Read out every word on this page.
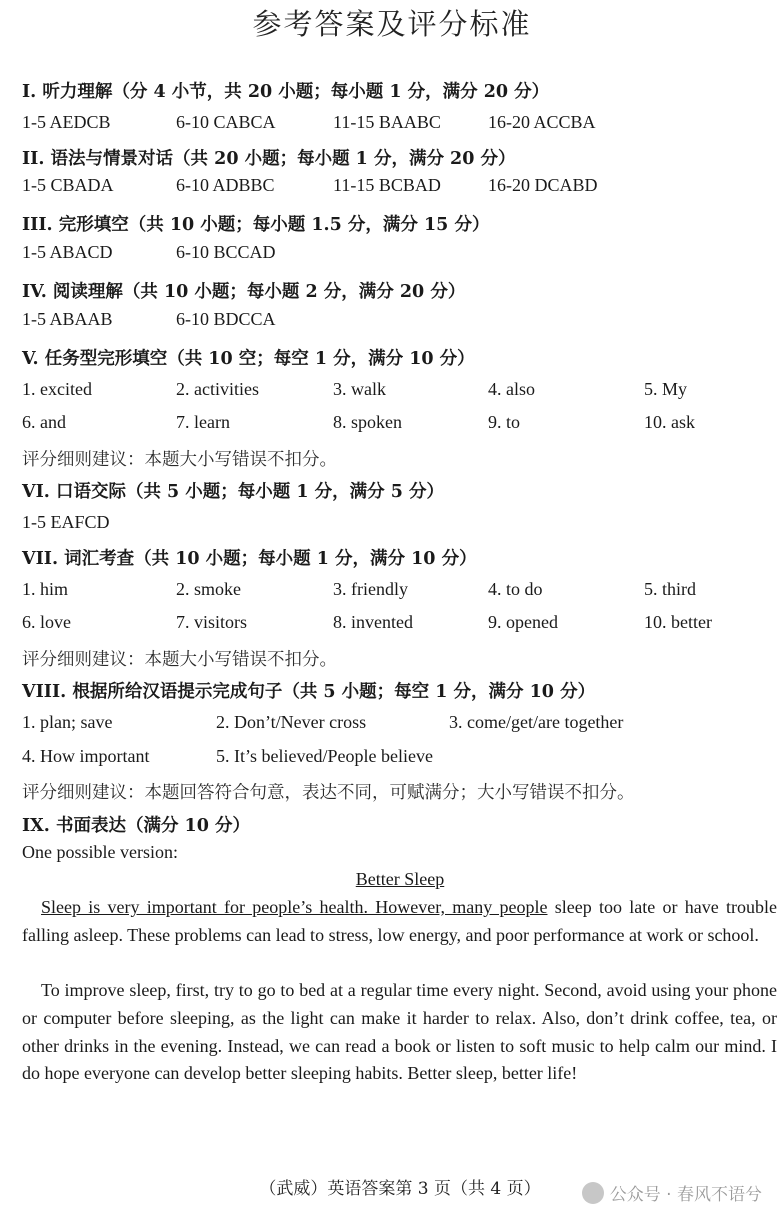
参考答案及评分标准
I. 听力理解（分 4 小节，共 20 小题；每小题 1 分，满分 20 分）
1-5 AEDCB	6-10 CABCA	11-15 BAABC	16-20 ACCBA
II. 语法与情景对话（共 20 小题；每小题 1 分，满分 20 分）
1-5 CBADA	6-10 ADBBC	11-15 BCBAD	16-20 DCABD
III. 完形填空（共 10 小题；每小题 1.5 分，满分 15 分）
1-5 ABACD	6-10 BCCAD
IV. 阅读理解（共 10 小题；每小题 2 分，满分 20 分）
1-5 ABAAB	6-10 BDCCA
V. 任务型完形填空（共 10 空；每空 1 分，满分 10 分）
1. excited	2. activities	3. walk	4. also	5. My
6. and	7. learn	8. spoken	9. to	10. ask
评分细则建议：本题大小写错误不扣分。
VI. 口语交际（共 5 小题；每小题 1 分，满分 5 分）
1-5 EAFCD
VII. 词汇考查（共 10 小题；每小题 1 分，满分 10 分）
1. him	2. smoke	3. friendly	4. to do	5. third
6. love	7. visitors	8. invented	9. opened	10. better
评分细则建议：本题大小写错误不扣分。
VIII. 根据所给汉语提示完成句子（共 5 小题；每空 1 分，满分 10 分）
1. plan; save	2. Don’t/Never cross	3. come/get/are together
4. How important	5. It’s believed/People believe
评分细则建议：本题回答符合句意，表达不同，可赋满分；大小写错误不扣分。
IX. 书面表达（满分 10 分）
One possible version:
Better Sleep
Sleep is very important for people’s health. However, many people sleep too late or have trouble falling asleep. These problems can lead to stress, low energy, and poor performance at work or school.
To improve sleep, first, try to go to bed at a regular time every night. Second, avoid using your phone or computer before sleeping, as the light can make it harder to relax. Also, don’t drink coffee, tea, or other drinks in the evening. Instead, we can read a book or listen to soft music to help calm our mind. I do hope everyone can develop better sleeping habits. Better sleep, better life!
（武威）英语答案第 3 页（共 4 页）	公众号 · 春风不语兮
